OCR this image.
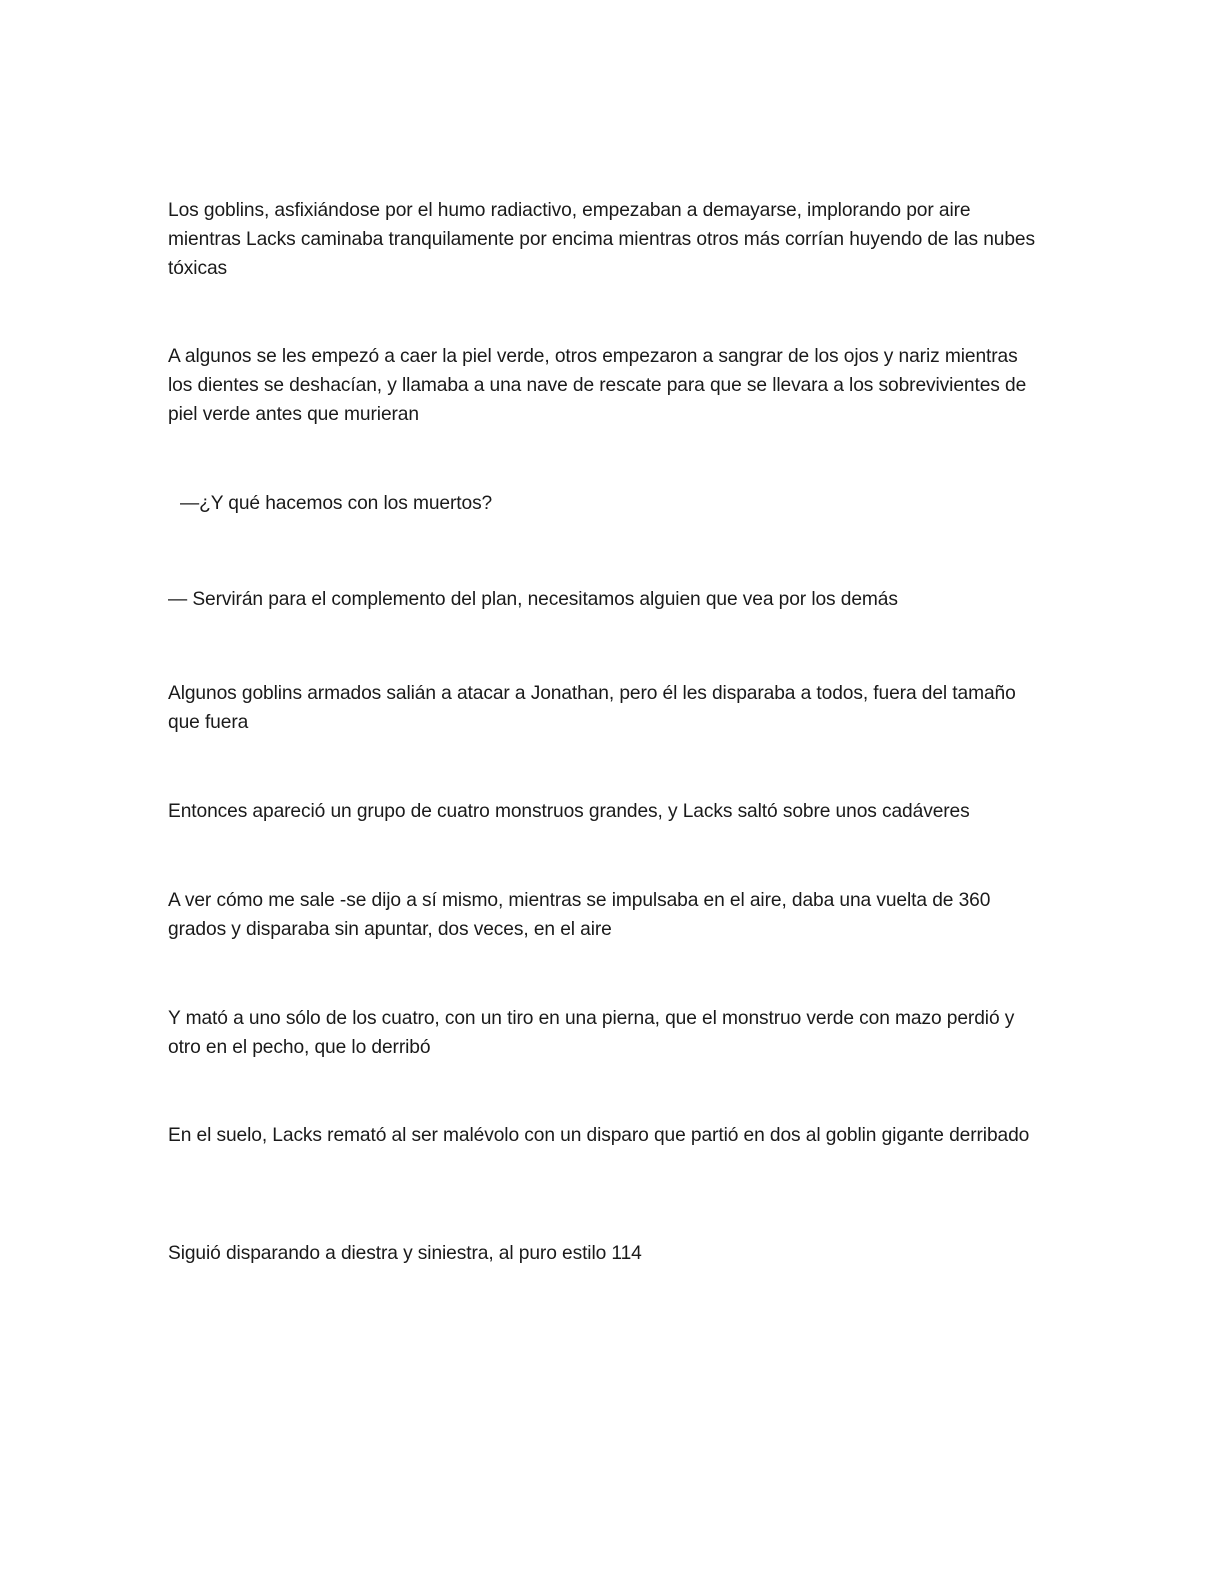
Los goblins, asfixiándose por el humo radiactivo, empezaban a demayarse, implorando por aire mientras Lacks caminaba tranquilamente por encima mientras otros más corrían huyendo de las nubes tóxicas

A algunos se les empezó a caer la piel verde, otros empezaron a sangrar de los ojos y nariz mientras los dientes se deshacían, y llamaba a una nave de rescate para que se llevara a los sobrevivientes de piel verde antes que murieran

—¿Y qué hacemos con los muertos?

— Servirán para el complemento del plan, necesitamos alguien que vea por los demás

Algunos goblins armados salián a atacar a Jonathan, pero él les disparaba a todos, fuera del tamaño que fuera

Entonces apareció un grupo de cuatro monstruos grandes, y Lacks saltó sobre unos cadáveres

A ver cómo me sale -se dijo a sí mismo, mientras se impulsaba en el aire, daba una vuelta de 360 grados y disparaba sin apuntar, dos veces, en el aire

Y mató a uno sólo de los cuatro, con un tiro en una pierna, que el monstruo verde con mazo perdió y otro en el pecho, que lo derribó

En el suelo, Lacks remató al ser malévolo con un disparo que partió en dos al goblin gigante derribado

Siguió disparando a diestra y siniestra, al puro estilo 114
